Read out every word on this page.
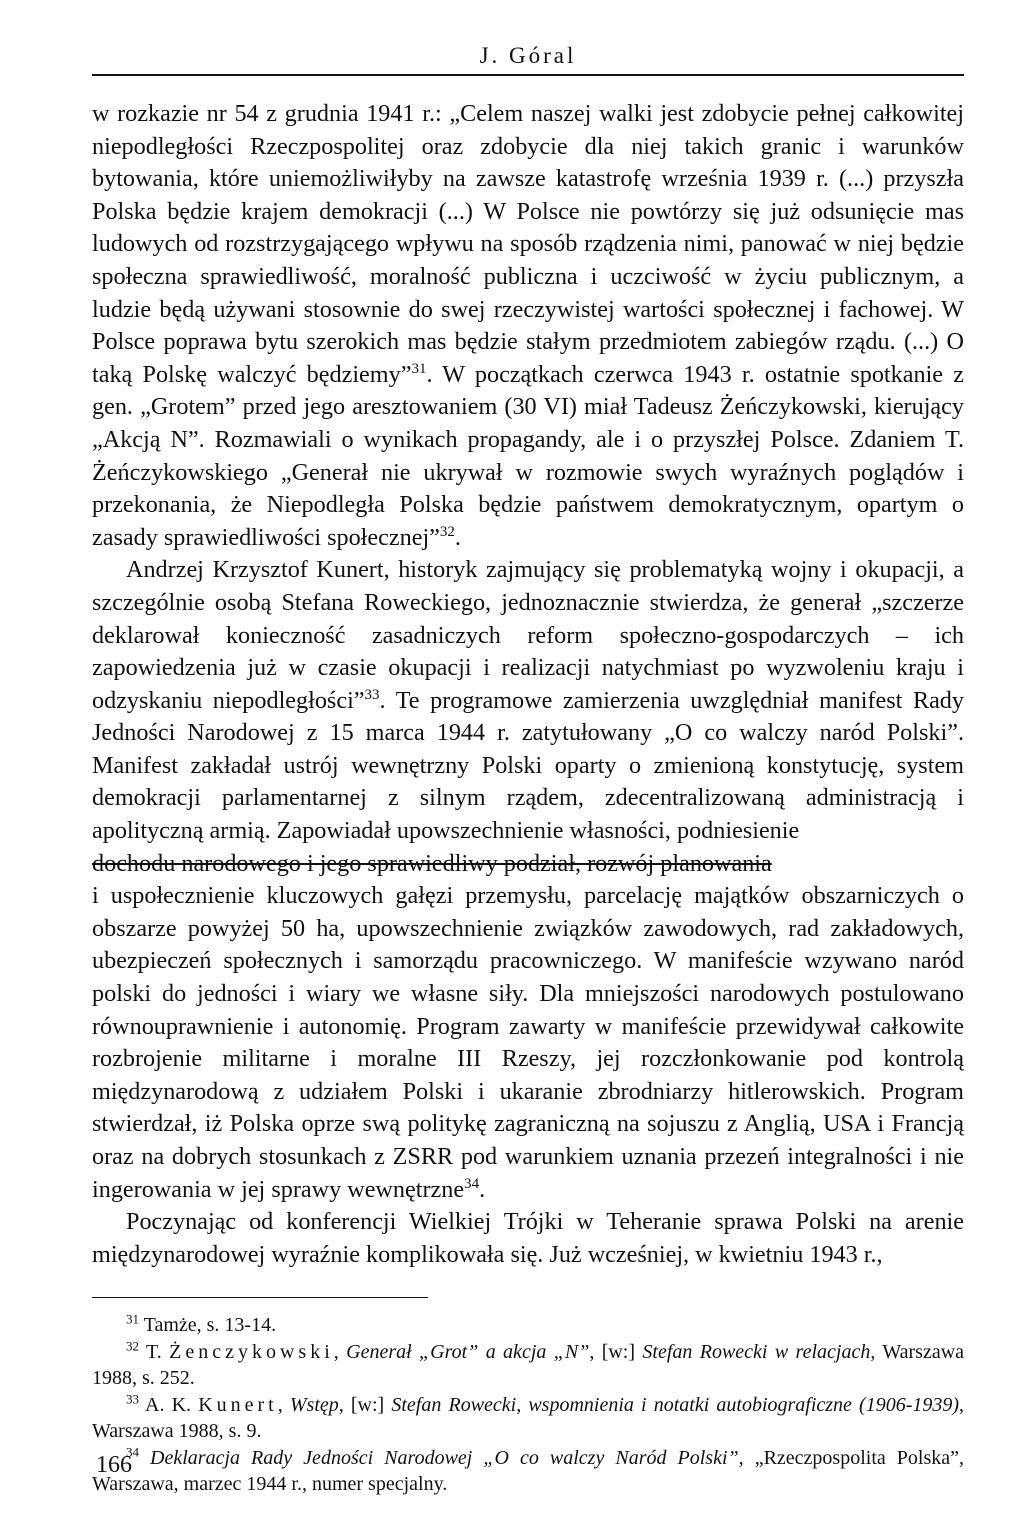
J. Góral

w rozkazie nr 54 z grudnia 1941 r.: „Celem naszej walki jest zdobycie pełnej całkowitej niepodległości Rzeczpospolitej oraz zdobycie dla niej takich granic i warunków bytowania, które uniemożliwiłyby na zawsze katastrofę września 1939 r. (...) przyszła Polska będzie krajem demokracji (...) W Polsce nie powtórzy się już odsunięcie mas ludowych od rozstrzygającego wpływu na sposób rządzenia nimi, panować w niej będzie społeczna sprawiedliwość, moralność publiczna i uczciwość w życiu publicznym, a ludzie będą używani stosownie do swej rzeczywistej wartości społecznej i fachowej. W Polsce poprawa bytu szerokich mas będzie stałym przedmiotem zabiegów rządu. (...) O taką Polskę walczyć będziemy”$^{31}$. W początkach czerwca 1943 r. ostatnie spotkanie z gen. „Grotem” przed jego aresztowaniem (30 VI) miał Tadeusz Żeńczykowski, kierujący „Akcją N”. Rozmawiali o wynikach propagandy, ale i o przyszłej Polsce. Zdaniem T. Żeńczykowskiego „Generał nie ukrywał w rozmowie swych wyraźnych poglądów i przekonania, że Niepodległa Polska będzie państwem demokratycznym, opartym o zasady sprawiedliwości społecznej”$^{32}$.

Andrzej Krzysztof Kunert, historyk zajmujący się problematyką wojny i okupacji, a szczególnie osobą Stefana Roweckiego, jednoznacznie stwierdza, że generał „szczerze deklarował konieczność zasadniczych reform społeczno-gospodarczych – ich zapowiedzenia już w czasie okupacji i realizacji natychmiast po wyzwoleniu kraju i odzyskaniu niepodległości”$^{33}$. Te programowe zamierzenia uwzględniał manifest Rady Jedności Narodowej z 15 marca 1944 r. zatytułowany „O co walczy naród Polski”. Manifest zakładał ustrój wewnętrzny Polski oparty o zmienioną konstytucję, system demokracji parlamentarnej z silnym rządem, zdecentralizowaną administracją i apolityczną armią. Zapowiadał upowszechnienie własności, podniesienie

dochodu narodowego i jego sprawiedliwy podział, rozwój planowania

i uspołecznienie kluczowych gałęzi przemysłu, parcelację majątków obszarniczych o obszarze powyżej 50 ha, upowszechnienie związków zawodowych, rad zakładowych, ubezpieczeń społecznych i samorządu pracowniczego. W manifeście wzywano naród polski do jedności i wiary we własne siły. Dla mniejszości narodowych postulowano równouprawnienie i autonomię. Program zawarty w manifeście przewidywał całkowite rozbrojenie militarne i moralne III Rzeszy, jej rozczłonkowanie pod kontrolą międzynarodową z udziałem Polski i ukaranie zbrodniarzy hitlerowskich. Program stwierdzał, iż Polska oprze swą politykę zagraniczną na sojuszu z Anglią, USA i Francją oraz na dobrych stosunkach z ZSRR pod warunkiem uznania przezeń integralności i nie ingerowania w jej sprawy wewnętrzne$^{34}$.

Poczynając od konferencji Wielkiej Trójki w Teheranie sprawa Polski na arenie międzynarodowej wyraźnie komplikowała się. Już wcześniej, w kwietniu 1943 r.,

$^{31}$ Tamże, s. 13-14.

$^{32}$ T. Żenczykowski, Generał „Grot” a akcja „N”, [w:] Stefan Rowecki w relacjach, Warszawa 1988, s. 252.

$^{33}$ A. K. Kunert, Wstęp, [w:] Stefan Rowecki, wspomnienia i notatki autobiograficzne (1906-1939), Warszawa 1988, s. 9.

$^{34}$ Deklaracja Rady Jedności Narodowej „O co walczy Naród Polski”, „Rzeczpospolita Polska”, Warszawa, marzec 1944 r., numer specjalny.

166
